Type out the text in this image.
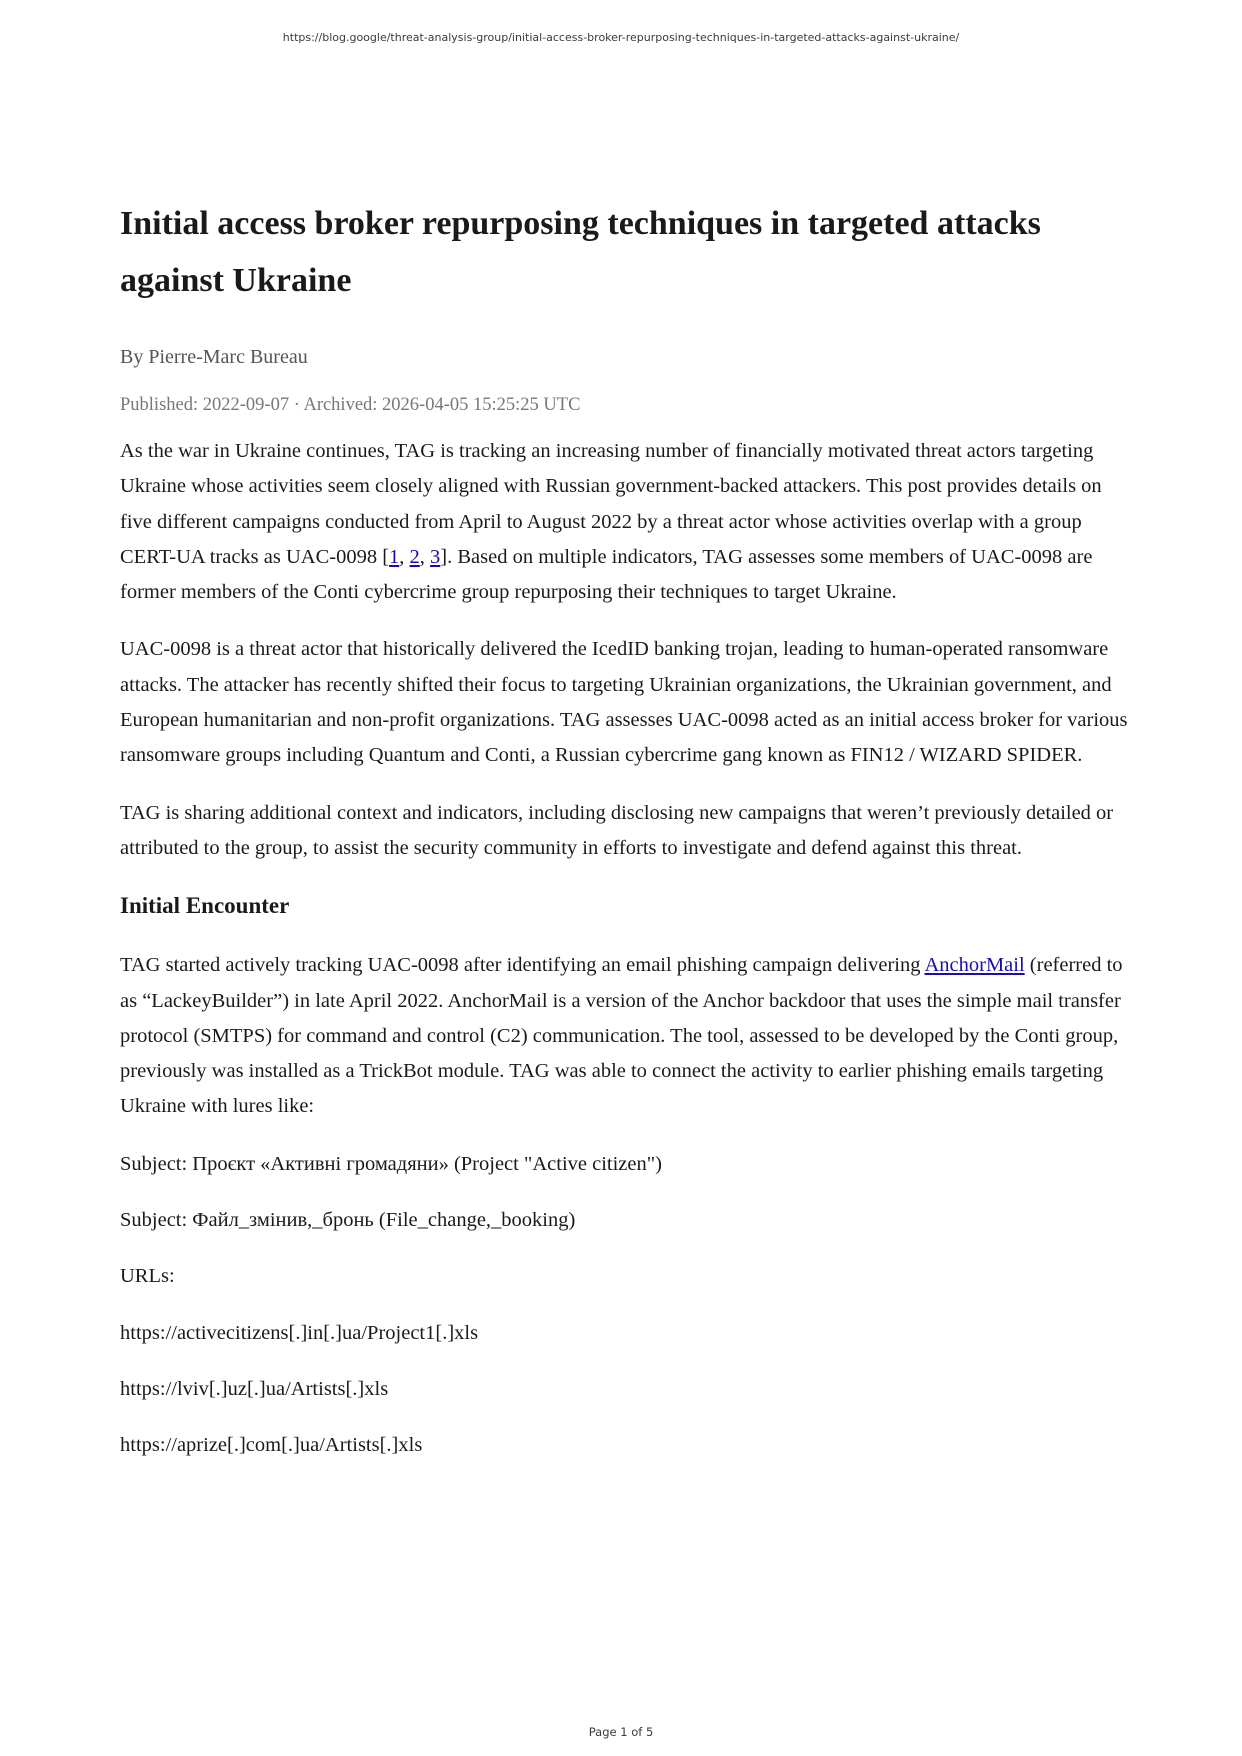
https://blog.google/threat-analysis-group/initial-access-broker-repurposing-techniques-in-targeted-attacks-against-ukraine/
Initial access broker repurposing techniques in targeted attacks against Ukraine
By Pierre-Marc Bureau
Published: 2022-09-07 · Archived: 2026-04-05 15:25:25 UTC

As the war in Ukraine continues, TAG is tracking an increasing number of financially motivated threat actors targeting Ukraine whose activities seem closely aligned with Russian government-backed attackers. This post provides details on five different campaigns conducted from April to August 2022 by a threat actor whose activities overlap with a group CERT-UA tracks as UAC-0098 [1, 2, 3]. Based on multiple indicators, TAG assesses some members of UAC-0098 are former members of the Conti cybercrime group repurposing their techniques to target Ukraine.

UAC-0098 is a threat actor that historically delivered the IcedID banking trojan, leading to human-operated ransomware attacks. The attacker has recently shifted their focus to targeting Ukrainian organizations, the Ukrainian government, and European humanitarian and non-profit organizations. TAG assesses UAC-0098 acted as an initial access broker for various ransomware groups including Quantum and Conti, a Russian cybercrime gang known as FIN12 / WIZARD SPIDER.

TAG is sharing additional context and indicators, including disclosing new campaigns that weren’t previously detailed or attributed to the group, to assist the security community in efforts to investigate and defend against this threat.

Initial Encounter

TAG started actively tracking UAC-0098 after identifying an email phishing campaign delivering AnchorMail (referred to as “LackeyBuilder”) in late April 2022. AnchorMail is a version of the Anchor backdoor that uses the simple mail transfer protocol (SMTPS) for command and control (C2) communication. The tool, assessed to be developed by the Conti group, previously was installed as a TrickBot module. TAG was able to connect the activity to earlier phishing emails targeting Ukraine with lures like:

Subject: Проєкт «Активні громадяни» (Project "Active citizen")

Subject: Файл_змінив,_бронь (File_change,_booking)

URLs:

https://activecitizens[.]in[.]ua/Project1[.]xls

https://lviv[.]uz[.]ua/Artists[.]xls

https://aprize[.]com[.]ua/Artists[.]xls

Page 1 of 5
